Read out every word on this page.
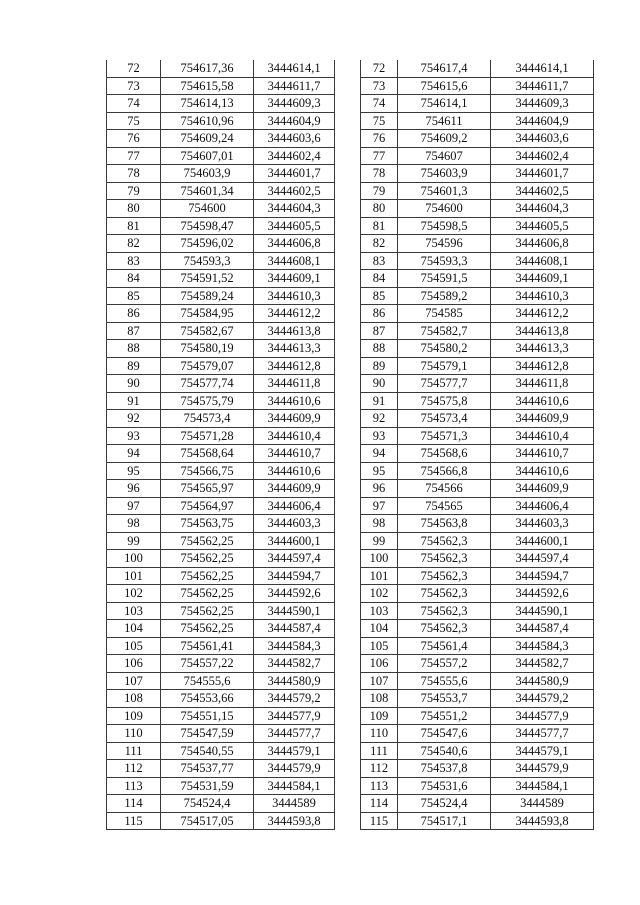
72	754617,36	3444614,1
73	754615,58	3444611,7
74	754614,13	3444609,3
75	754610,96	3444604,9
76	754609,24	3444603,6
77	754607,01	3444602,4
78	754603,9	3444601,7
79	754601,34	3444602,5
80	754600	3444604,3
81	754598,47	3444605,5
82	754596,02	3444606,8
83	754593,3	3444608,1
84	754591,52	3444609,1
85	754589,24	3444610,3
86	754584,95	3444612,2
87	754582,67	3444613,8
88	754580,19	3444613,3
89	754579,07	3444612,8
90	754577,74	3444611,8
91	754575,79	3444610,6
92	754573,4	3444609,9
93	754571,28	3444610,4
94	754568,64	3444610,7
95	754566,75	3444610,6
96	754565,97	3444609,9
97	754564,97	3444606,4
98	754563,75	3444603,3
99	754562,25	3444600,1
100	754562,25	3444597,4
101	754562,25	3444594,7
102	754562,25	3444592,6
103	754562,25	3444590,1
104	754562,25	3444587,4
105	754561,41	3444584,3
106	754557,22	3444582,7
107	754555,6	3444580,9
108	754553,66	3444579,2
109	754551,15	3444577,9
110	754547,59	3444577,7
111	754540,55	3444579,1
112	754537,77	3444579,9
113	754531,59	3444584,1
114	754524,4	3444589
115	754517,05	3444593,8
72	754617,4	3444614,1
73	754615,6	3444611,7
74	754614,1	3444609,3
75	754611	3444604,9
76	754609,2	3444603,6
77	754607	3444602,4
78	754603,9	3444601,7
79	754601,3	3444602,5
80	754600	3444604,3
81	754598,5	3444605,5
82	754596	3444606,8
83	754593,3	3444608,1
84	754591,5	3444609,1
85	754589,2	3444610,3
86	754585	3444612,2
87	754582,7	3444613,8
88	754580,2	3444613,3
89	754579,1	3444612,8
90	754577,7	3444611,8
91	754575,8	3444610,6
92	754573,4	3444609,9
93	754571,3	3444610,4
94	754568,6	3444610,7
95	754566,8	3444610,6
96	754566	3444609,9
97	754565	3444606,4
98	754563,8	3444603,3
99	754562,3	3444600,1
100	754562,3	3444597,4
101	754562,3	3444594,7
102	754562,3	3444592,6
103	754562,3	3444590,1
104	754562,3	3444587,4
105	754561,4	3444584,3
106	754557,2	3444582,7
107	754555,6	3444580,9
108	754553,7	3444579,2
109	754551,2	3444577,9
110	754547,6	3444577,7
111	754540,6	3444579,1
112	754537,8	3444579,9
113	754531,6	3444584,1
114	754524,4	3444589
115	754517,1	3444593,8
